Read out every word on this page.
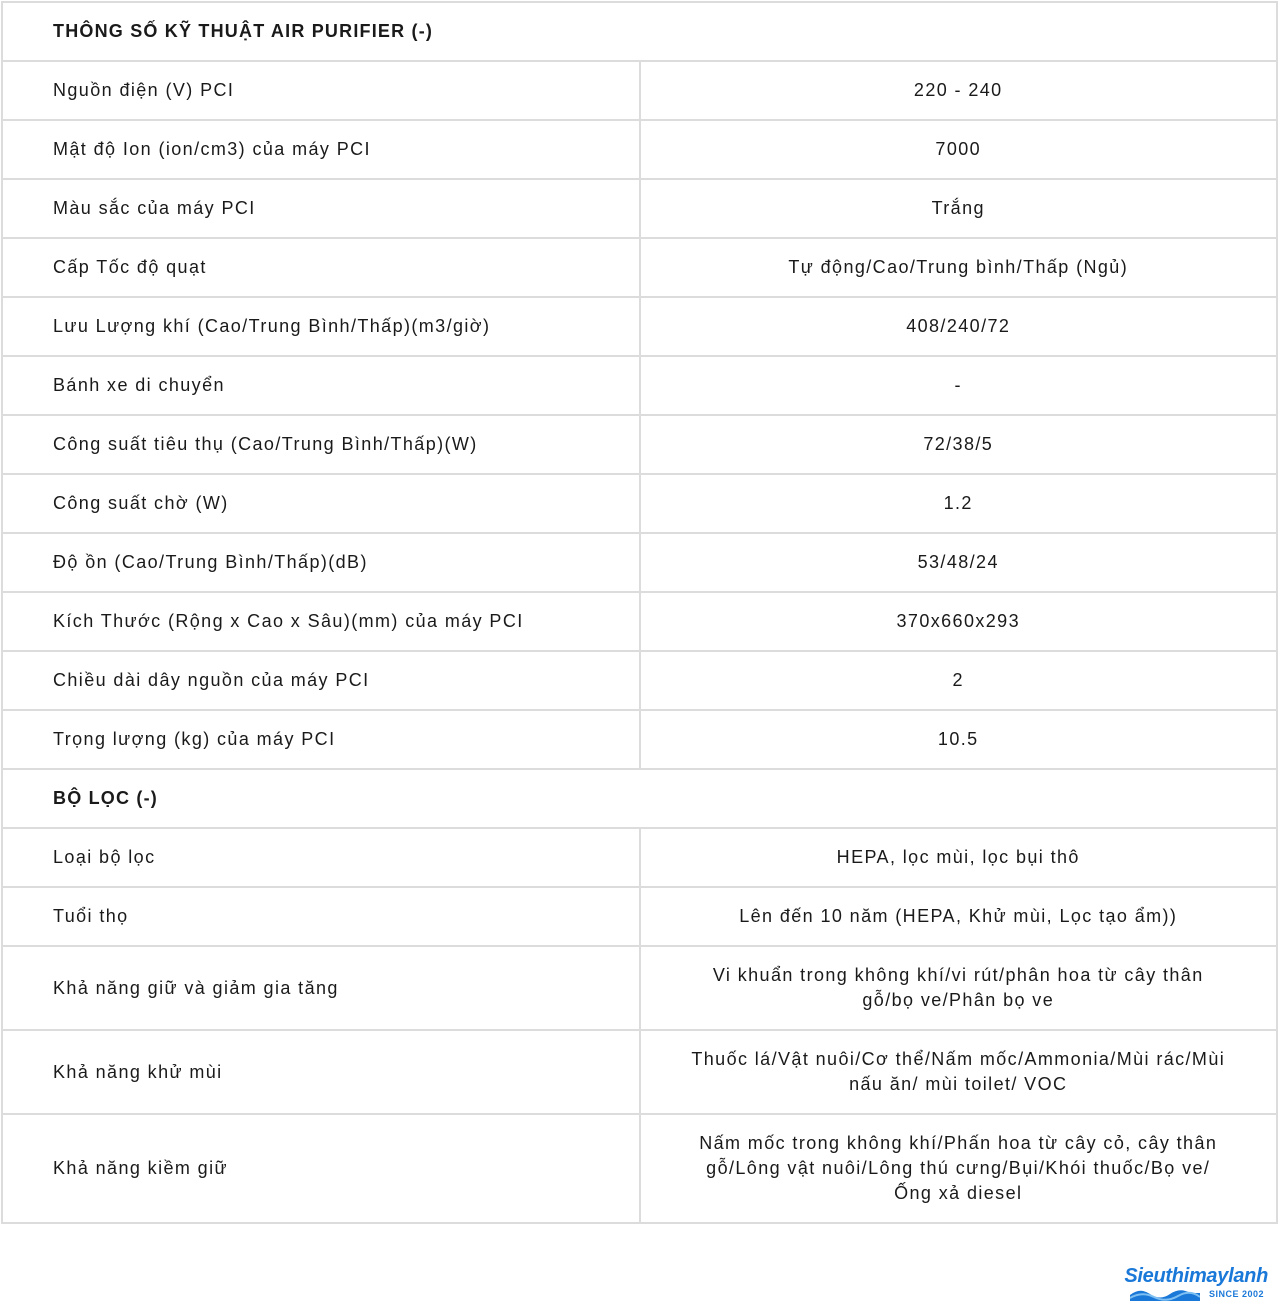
THÔNG SỐ KỸ THUẬT AIR PURIFIER (-)	
Nguồn điện (V) PCI	220 - 240
Mật độ Ion (ion/cm3) của máy PCI	7000
Màu sắc của máy PCI	Trắng
Cấp Tốc độ quạt	Tự động/Cao/Trung bình/Thấp (Ngủ)
Lưu Lượng khí (Cao/Trung Bình/Thấp)(m3/giờ)	408/240/72
Bánh xe di chuyển	-
Công suất tiêu thụ (Cao/Trung Bình/Thấp)(W)	72/38/5
Công suất chờ (W)	1.2
Độ ồn (Cao/Trung Bình/Thấp)(dB)	53/48/24
Kích Thước (Rộng x Cao x Sâu)(mm) của máy PCI	370x660x293
Chiều dài dây nguồn của máy PCI	2
Trọng lượng (kg) của máy PCI	10.5
BỘ LỌC (-)	
Loại bộ lọc	HEPA, lọc mùi, lọc bụi thô
Tuổi thọ	Lên đến 10 năm (HEPA, Khử mùi, Lọc tạo ẩm))
Khả năng giữ và giảm gia tăng	Vi khuẩn trong không khí/vi rút/phân hoa từ cây thân gỗ/bọ ve/Phân bọ ve
Khả năng khử mùi	Thuốc lá/Vật nuôi/Cơ thể/Nấm mốc/Ammonia/Mùi rác/Mùi nấu ăn/ mùi toilet/ VOC
Khả năng kiềm giữ	Nấm mốc trong không khí/Phấn hoa từ cây cỏ, cây thân gỗ/Lông vật nuôi/Lông thú cưng/Bụi/Khói thuốc/Bọ ve/ Ống xả diesel
Sieuthimaylanh
SINCE 2002
